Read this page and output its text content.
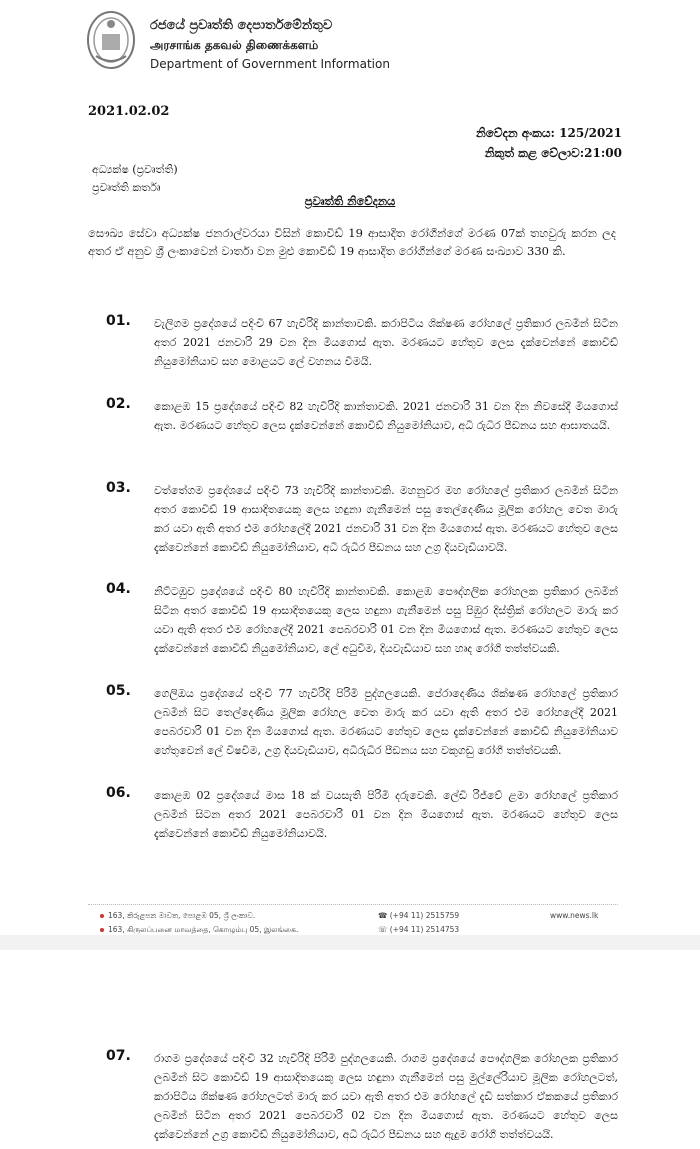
රජයේ ප්‍රවෘත්ති දෙපාර්තමේන්තුව
அரசாங்க தகவல் திணைக்களம்
Department of Government Information
2021.02.02
නිවේදන අංකය: 125/2021
නිකුත් කළ වේලාව:21:00
අධ්‍යක්ෂ (ප්‍රවෘත්ති)
ප්‍රවෘත්ති කර්තෘ
ප්‍රවෘත්ති නිවේදනය
සෞඛ්‍ය සේවා අධ්‍යක්ෂ ජනරාල්වරයා විසින් කොවිඩ් 19 ආසාදිත රෝගීන්ගේ මරණ 07ක් තහවුරු කරන ලද අතර ඒ අනුව ශ්‍රී ලංකාවෙන් වාර්තා වන මුළු කොවිඩ් 19 ආසාදිත රෝගීන්ගේ මරණ සංඛ්‍යාව 330 කි.
01. වැලිගම ප්‍රදේශයේ පදිංචි 67 හැවිරිදි කාන්තාවකි. කරාපිටිය ශික්ෂණ රෝහලේ ප්‍රතිකාර ලබමින් සිටින අතර 2021 ජනවාරි 29 වන දින මියගොස් ඇත. මරණයට හේතුව ලෙස දැක්වෙන්නේ කොවිඩ් නියුමෝනියාව සහ මොළයට ලේ වහනය වීමයි.
02. කොළඹ 15 ප්‍රදේශයේ පදිංචි 82 හැවිරිදි කාන්තාවකි. 2021 ජනවාරි 31 වන දින නිවසේදී මියගොස් ඇත. මරණයට හේතුව ලෙස දැක්වෙන්නේ කොවිඩ් නියුමෝනියාව, අධි රුධිර පීඩනය සහ ආඝාතයයි.
03. වත්තේගම ප්‍රදේශයේ පදිංචි 73 හැවිරිදි කාන්තාවකි. මහනුවර මහ රෝහලේ ප්‍රතිකාර ලබමින් සිටින අතර කොවිඩ් 19 ආසාදිතයෙකු ලෙස හඳුනා ගැනීමෙන් පසු තෙල්දෙණිය මූලික රෝහල වෙත මාරු කර යවා ඇති අතර එම රෝහලේදී 2021 ජනවාරි 31 වන දින මියගොස් ඇත. මරණයට හේතුව ලෙස දැක්වෙන්නේ කොවිඩ් නියුමෝනියාව, අධි රුධිර පීඩනය සහ උග්‍ර දියවැඩියාවයි.
04. නිට්ටඹුව ප්‍රදේශයේ පදිංචි 80 හැවිරිදි කාන්තාවකි. කොළඹ පෞද්ගලික රෝහලක ප්‍රතිකාර ලබමින් සිටින අතර කොවිඩ් 19 ආසාදිතයෙකු ලෙස හඳුනා ගැනීමෙන් පසු පිඹුර දිස්ත්‍රික් රෝහලට මාරු කර යවා ඇති අතර එම රෝහලේදී 2021 පෙබරවාරි 01 වන දින මියගොස් ඇත. මරණයට හේතුව ලෙස දැක්වෙන්නේ කොවිඩ් නියුමෝනියාව, ලේ අධුවීම, දියවැඩියාව සහ හෘද රෝගී තත්ත්වයකි.
05. ගෙලිඔය ප්‍රදේශයේ පදිංචි 77 හැවිරිදි පිරිමි පුද්ගලයෙකි. පේරාදෙණිය ශික්ෂණ රෝහලේ ප්‍රතිකාර ලබමින් සිට තෙල්දෙණිය මූලික රෝහල වෙත මාරු කර යවා ඇති අතර එම රෝහලේදී 2021 පෙබරවාරි 01 වන දින මියගොස් ඇත. මරණයට හේතුව ලෙස දැක්වෙන්නේ කොවිඩ් නියුමෝනියාව හේතුවෙන් ලේ විෂවීම, උග්‍ර දියවැඩියාව, අධිරුධිර පීඩනය සහ වකුගඩු රෝගී තත්ත්වයකි.
06. කොළඹ 02 ප්‍රදේශයේ මාස 18 ක් වයසැති පිරිමි දරුවෙකි. ලේඩි රිජ්වේ ළමා රෝහලේ ප්‍රතිකාර ලබමින් සිටන අතර 2021 පෙබරවාරි 01 වන දින මියගොස් ඇත. මරණයට හේතුව ලෙස දැක්වෙන්නේ කොවිඩ් නියුමෝනියාවයි.
163, කිරුළපන මාවත, පොළඹ 05, ශ්‍රී ලංකාව.
163, கிருலப்பனை மாவத்தை, கொழும்பு 05, இலங்கை.
☎ (+94 11) 2515759
☏ (+94 11) 2514753
www.news.lk
07. රාගම ප්‍රදේශයේ පදිංචි 32 හැවිරිදි පිරිමි පුද්ගලයෙකි. රාගම ප්‍රදේශයේ පෞද්ගලික රෝහලක ප්‍රතිකාර ලබමින් සිට කොවිඩ් 19 ආසාදිතයෙකු ලෙස හඳුනා ගැනීමෙන් පසු මුල්ලේරියාව මූලික රෝහලටත්, කරාපිටිය ශික්ෂණ රෝහලටත් මාරු කර යවා ඇති අතර එම රෝහලේ දැඩි සත්කාර ඒකකයේ ප්‍රතිකාර ලබමින් සිටින අතර 2021 පෙබරවාරි 02 වන දින මියගොස් ඇත. මරණයට හේතුව ලෙස දැක්වෙන්නේ උග්‍ර කොවිඩ් නියුමෝනියාව, අධි රුධිර පීඩනය සහ ඇදුම රෝගී තත්ත්වයයි.
